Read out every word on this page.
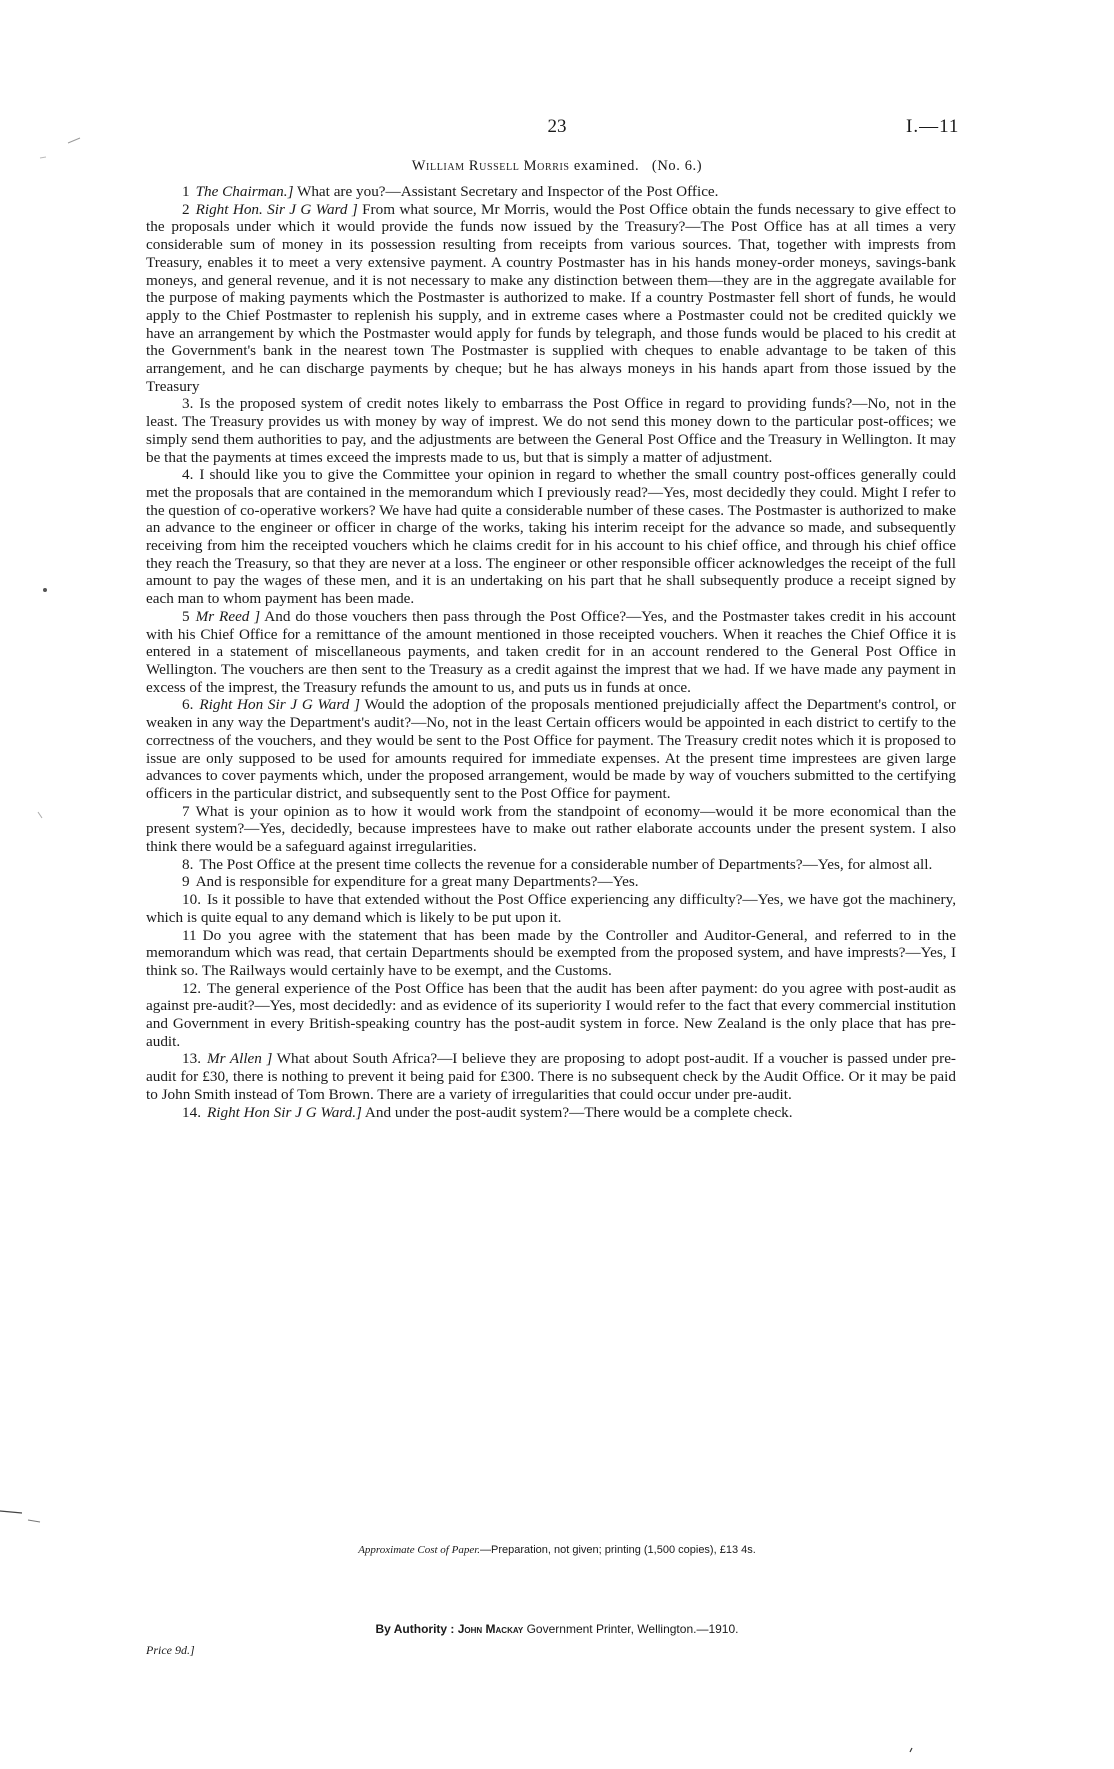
23	I.—11
William Russell Morris examined. (No. 6.)

1 The Chairman.] What are you?—Assistant Secretary and Inspector of the Post Office.

2 Right Hon. Sir J G Ward ] From what source, Mr Morris, would the Post Office obtain the funds necessary to give effect to the proposals under which it would provide the funds now issued by the Treasury?—The Post Office has at all times a very considerable sum of money in its possession resulting from receipts from various sources. That, together with imprests from Treasury, enables it to meet a very extensive payment. A country Postmaster has in his hands money-order moneys, savings-bank moneys, and general revenue, and it is not necessary to make any distinction between them—they are in the aggregate available for the purpose of making payments which the Postmaster is authorized to make. If a country Postmaster fell short of funds, he would apply to the Chief Postmaster to replenish his supply, and in extreme cases where a Postmaster could not be credited quickly we have an arrangement by which the Postmaster would apply for funds by telegraph, and those funds would be placed to his credit at the Government's bank in the nearest town The Postmaster is supplied with cheques to enable advantage to be taken of this arrangement, and he can discharge payments by cheque; but he has always moneys in his hands apart from those issued by the Treasury

3. Is the proposed system of credit notes likely to embarrass the Post Office in regard to providing funds?—No, not in the least. The Treasury provides us with money by way of imprest. We do not send this money down to the particular post-offices; we simply send them authorities to pay, and the adjustments are between the General Post Office and the Treasury in Wellington. It may be that the payments at times exceed the imprests made to us, but that is simply a matter of adjustment.

4. I should like you to give the Committee your opinion in regard to whether the small country post-offices generally could met the proposals that are contained in the memorandum which I previously read?—Yes, most decidedly they could. Might I refer to the question of co-operative workers? We have had quite a considerable number of these cases. The Postmaster is authorized to make an advance to the engineer or officer in charge of the works, taking his interim receipt for the advance so made, and subsequently receiving from him the receipted vouchers which he claims credit for in his account to his chief office, and through his chief office they reach the Treasury, so that they are never at a loss. The engineer or other responsible officer acknowledges the receipt of the full amount to pay the wages of these men, and it is an undertaking on his part that he shall subsequently produce a receipt signed by each man to whom payment has been made.

5 Mr Reed ] And do those vouchers then pass through the Post Office?—Yes, and the Postmaster takes credit in his account with his Chief Office for a remittance of the amount mentioned in those receipted vouchers. When it reaches the Chief Office it is entered in a statement of miscellaneous payments, and taken credit for in an account rendered to the General Post Office in Wellington. The vouchers are then sent to the Treasury as a credit against the imprest that we had. If we have made any payment in excess of the imprest, the Treasury refunds the amount to us, and puts us in funds at once.

6. Right Hon Sir J G Ward ] Would the adoption of the proposals mentioned prejudicially affect the Department's control, or weaken in any way the Department's audit?—No, not in the least Certain officers would be appointed in each district to certify to the correctness of the vouchers, and they would be sent to the Post Office for payment. The Treasury credit notes which it is proposed to issue are only supposed to be used for amounts required for immediate expenses. At the present time imprestees are given large advances to cover payments which, under the proposed arrangement, would be made by way of vouchers submitted to the certifying officers in the particular district, and subsequently sent to the Post Office for payment.

7 What is your opinion as to how it would work from the standpoint of economy—would it be more economical than the present system?—Yes, decidedly, because imprestees have to make out rather elaborate accounts under the present system. I also think there would be a safeguard against irregularities.

8. The Post Office at the present time collects the revenue for a considerable number of Departments?—Yes, for almost all.

9 And is responsible for expenditure for a great many Departments?—Yes.

10. Is it possible to have that extended without the Post Office experiencing any difficulty?—Yes, we have got the machinery, which is quite equal to any demand which is likely to be put upon it.

11 Do you agree with the statement that has been made by the Controller and Auditor-General, and referred to in the memorandum which was read, that certain Departments should be exempted from the proposed system, and have imprests?—Yes, I think so. The Railways would certainly have to be exempt, and the Customs.

12. The general experience of the Post Office has been that the audit has been after payment: do you agree with post-audit as against pre-audit?—Yes, most decidedly: and as evidence of its superiority I would refer to the fact that every commercial institution and Government in every British-speaking country has the post-audit system in force. New Zealand is the only place that has pre-audit.

13. Mr Allen ] What about South Africa?—I believe they are proposing to adopt post-audit. If a voucher is passed under pre-audit for £30, there is nothing to prevent it being paid for £300. There is no subsequent check by the Audit Office. Or it may be paid to John Smith instead of Tom Brown. There are a variety of irregularities that could occur under pre-audit.

14. Right Hon Sir J G Ward.] And under the post-audit system?—There would be a complete check.

Approximate Cost of Paper.—Preparation, not given; printing (1,500 copies), £13 4s.
By Authority : John Mackay Government Printer, Wellington.—1910.
Price 9d.]
